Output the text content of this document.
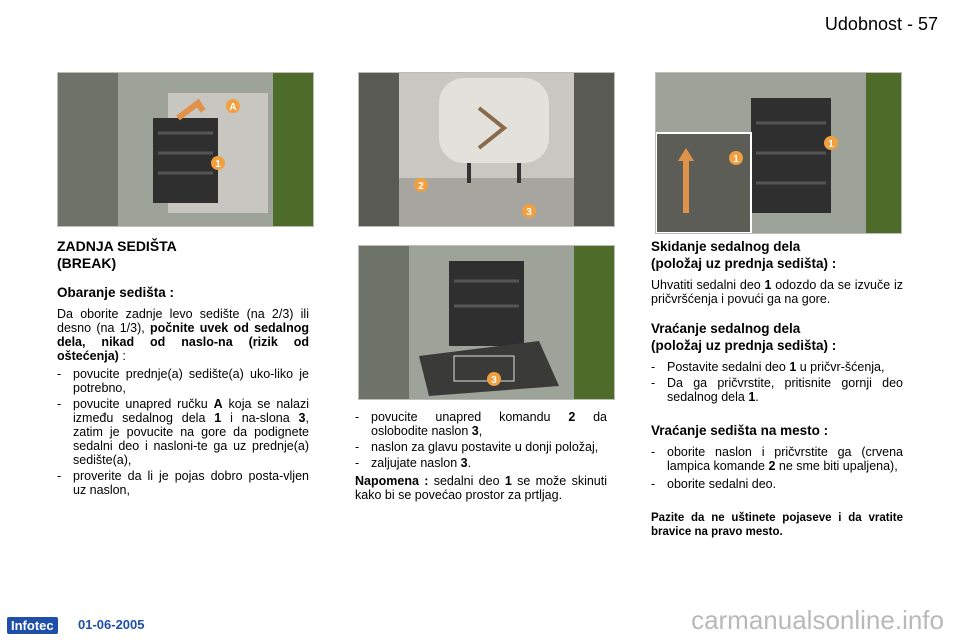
Udobnost - 57
A
1
2
3
3
1
1
ZADNJA SEDIŠTA
(BREAK)
Obaranje sedišta :

Da oborite zadnje levo sedište (na 2/3) ili desno (na 1/3), počnite uvek od sedalnog dela, nikad od naslo-na (rizik od oštećenja) :

- povucite prednje(a) sedište(a) uko-liko je potrebno,
- povucite unapred ručku A koja se nalazi između sedalnog dela 1 i na-slona 3, zatim je povucite na gore da podignete sedalni deo i nasloni-te ga uz prednje(a) sedište(a),
- proverite da li je pojas dobro posta-vljen uz naslon,
- povucite unapred komandu 2 da oslobodite naslon 3,
- naslon za glavu postavite u donji položaj,
- zaljujate naslon 3.

Napomena : sedalni deo 1 se može skinuti kako bi se povećao prostor za prtljag.

Skidanje sedalnog dela
(položaj uz prednja sedišta) :

Uhvatiti sedalni deo 1 odozdo da se izvuče iz pričvršćenja i povući ga na gore.

Vraćanje sedalnog dela
(položaj uz prednja sedišta) :
- Postavite sedalni deo 1 u pričvr-šćenja,
- Da ga pričvrstite, pritisnite gornji deo sedalnog dela 1.
Vraćanje sedišta na mesto :
- oborite naslon i pričvrstite ga (crvena lampica komande 2 ne sme biti upaljena),
- oborite sedalni deo.

Pazite da ne uštinete pojaseve i da vratite bravice na pravo mesto.

Infotec	01-06-2005	carmanualsonline.info
